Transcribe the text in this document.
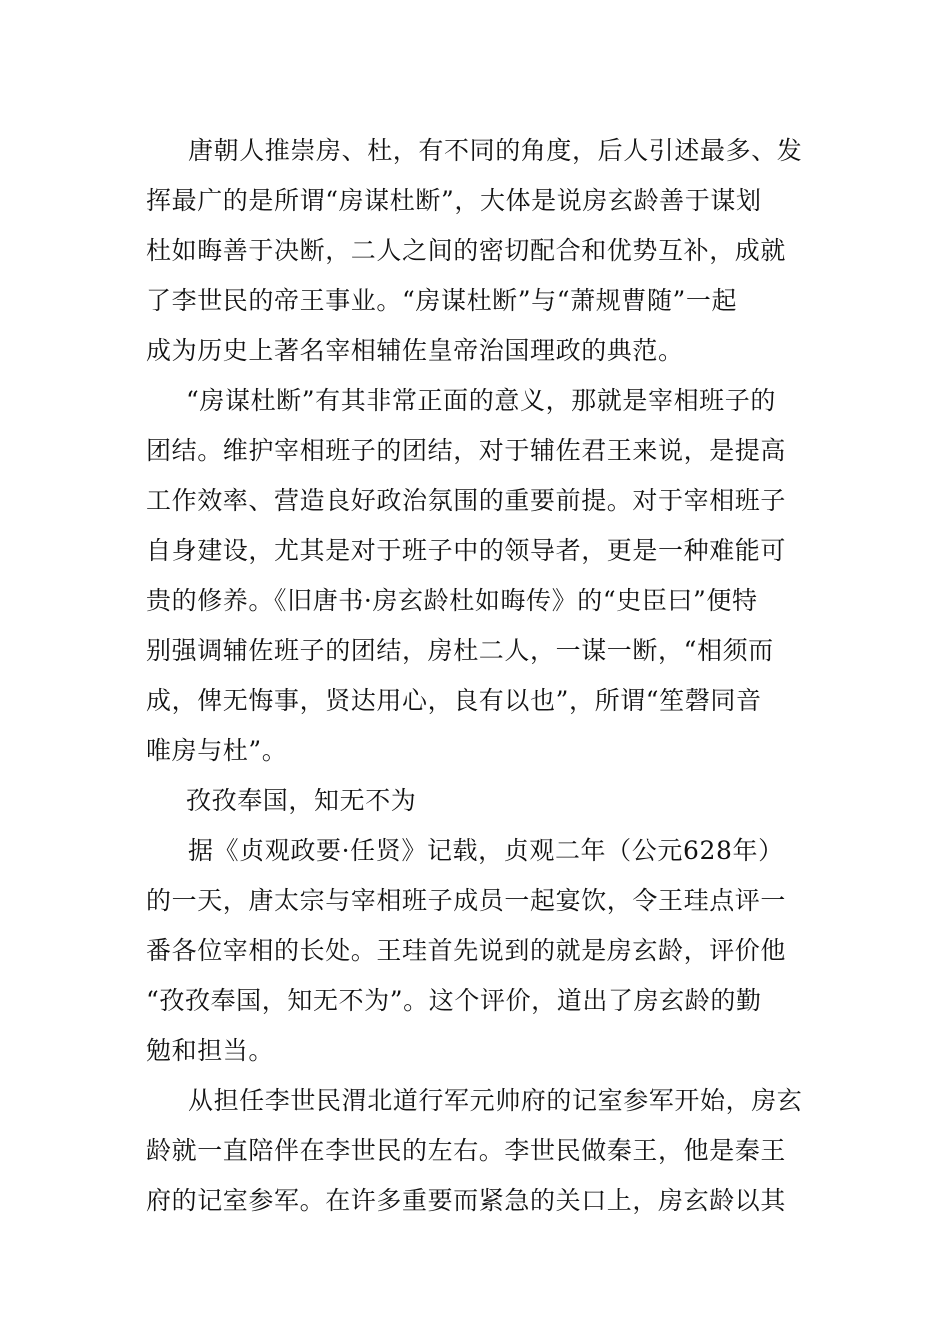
唐朝人推崇房、杜，有不同的角度，后人引述最多、发
挥最广的是所谓“房谋杜断”，大体是说房玄龄善于谋划
杜如晦善于决断，二人之间的密切配合和优势互补，成就
了李世民的帝王事业。“房谋杜断”与“萧规曹随”一起
成为历史上著名宰相辅佐皇帝治国理政的典范。
“房谋杜断”有其非常正面的意义，那就是宰相班子的
团结。维护宰相班子的团结，对于辅佐君王来说，是提高
工作效率、营造良好政治氛围的重要前提。对于宰相班子
自身建设，尤其是对于班子中的领导者，更是一种难能可
贵的修养。《旧唐书·房玄龄杜如晦传》的“史臣曰”便特
别强调辅佐班子的团结，房杜二人，一谋一断，“相须而
成，俾无悔事，贤达用心，良有以也”，所谓“笙磬同音
唯房与杜”。
孜孜奉国，知无不为
据《贞观政要·任贤》记载，贞观二年（公元628年）
的一天，唐太宗与宰相班子成员一起宴饮，令王珪点评一
番各位宰相的长处。王珪首先说到的就是房玄龄，评价他
“孜孜奉国，知无不为”。这个评价，道出了房玄龄的勤
勉和担当。
从担任李世民渭北道行军元帅府的记室参军开始，房玄
龄就一直陪伴在李世民的左右。李世民做秦王，他是秦王
府的记室参军。在许多重要而紧急的关口上，房玄龄以其
